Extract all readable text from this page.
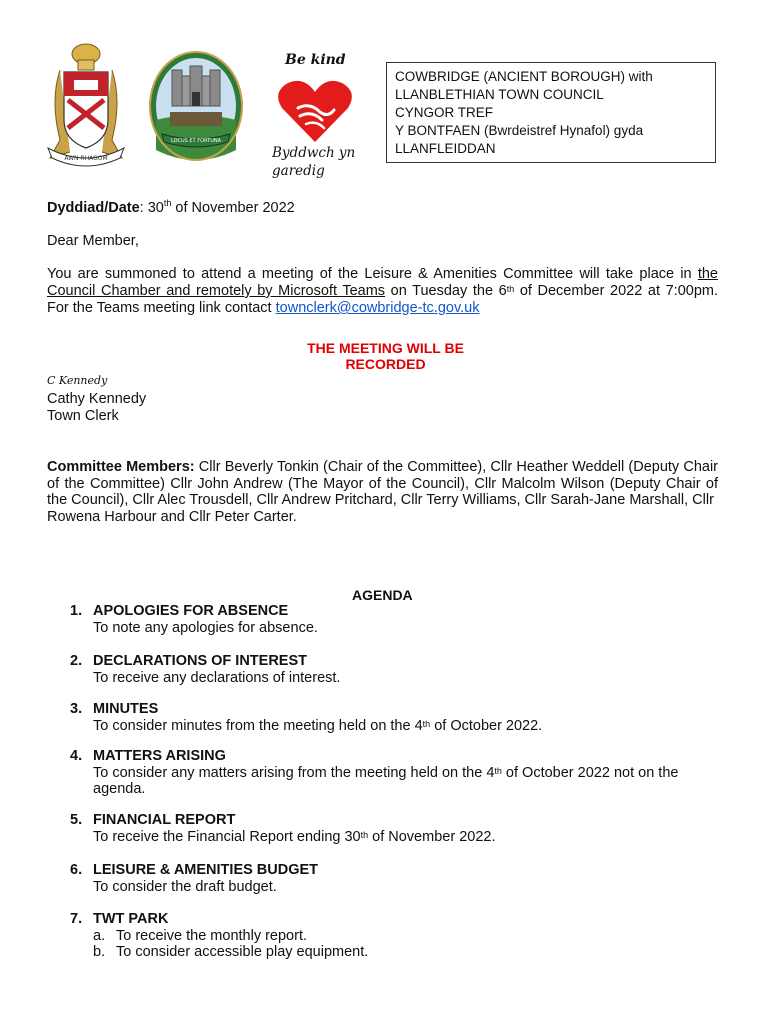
AWN RHAGOM
LOCUS ET FORTUNA
Be kind
Byddwch yn
garedig
COWBRIDGE (ANCIENT BOROUGH) with
LLANBLETHIAN TOWN COUNCIL
CYNGOR TREF
Y BONTFAEN (Bwrdeistref Hynafol) gyda
LLANFLEIDDAN
Dyddiad/Date: 30th of November 2022
Dear Member,
You are summoned to attend a meeting of the Leisure & Amenities Committee will take place in the Council Chamber and remotely by Microsoft Teams on Tuesday the 6th of December 2022 at 7:00pm. For the Teams meeting link contact townclerk@cowbridge-tc.gov.uk
THE MEETING WILL BE
RECORDED
C Kennedy
Cathy Kennedy
Town Clerk
Committee Members: Cllr Beverly Tonkin (Chair of the Committee), Cllr Heather Weddell (Deputy Chair of the Committee) Cllr John Andrew (The Mayor of the Council), Cllr Malcolm Wilson (Deputy Chair of the Council), Cllr Alec Trousdell, Cllr Andrew Pritchard, Cllr Terry Williams, Cllr Sarah-Jane Marshall, Cllr
Rowena Harbour and Cllr Peter Carter.
AGENDA
1. APOLOGIES FOR ABSENCE
To note any apologies for absence.
2. DECLARATIONS OF INTEREST
To receive any declarations of interest.
3. MINUTES
To consider minutes from the meeting held on the 4th of October 2022.
4. MATTERS ARISING
To consider any matters arising from the meeting held on the 4th of October 2022 not on the agenda.
5. FINANCIAL REPORT
To receive the Financial Report ending 30th of November 2022.
6. LEISURE & AMENITIES BUDGET
To consider the draft budget.
7. TWT PARK
a. To receive the monthly report.
b. To consider accessible play equipment.
